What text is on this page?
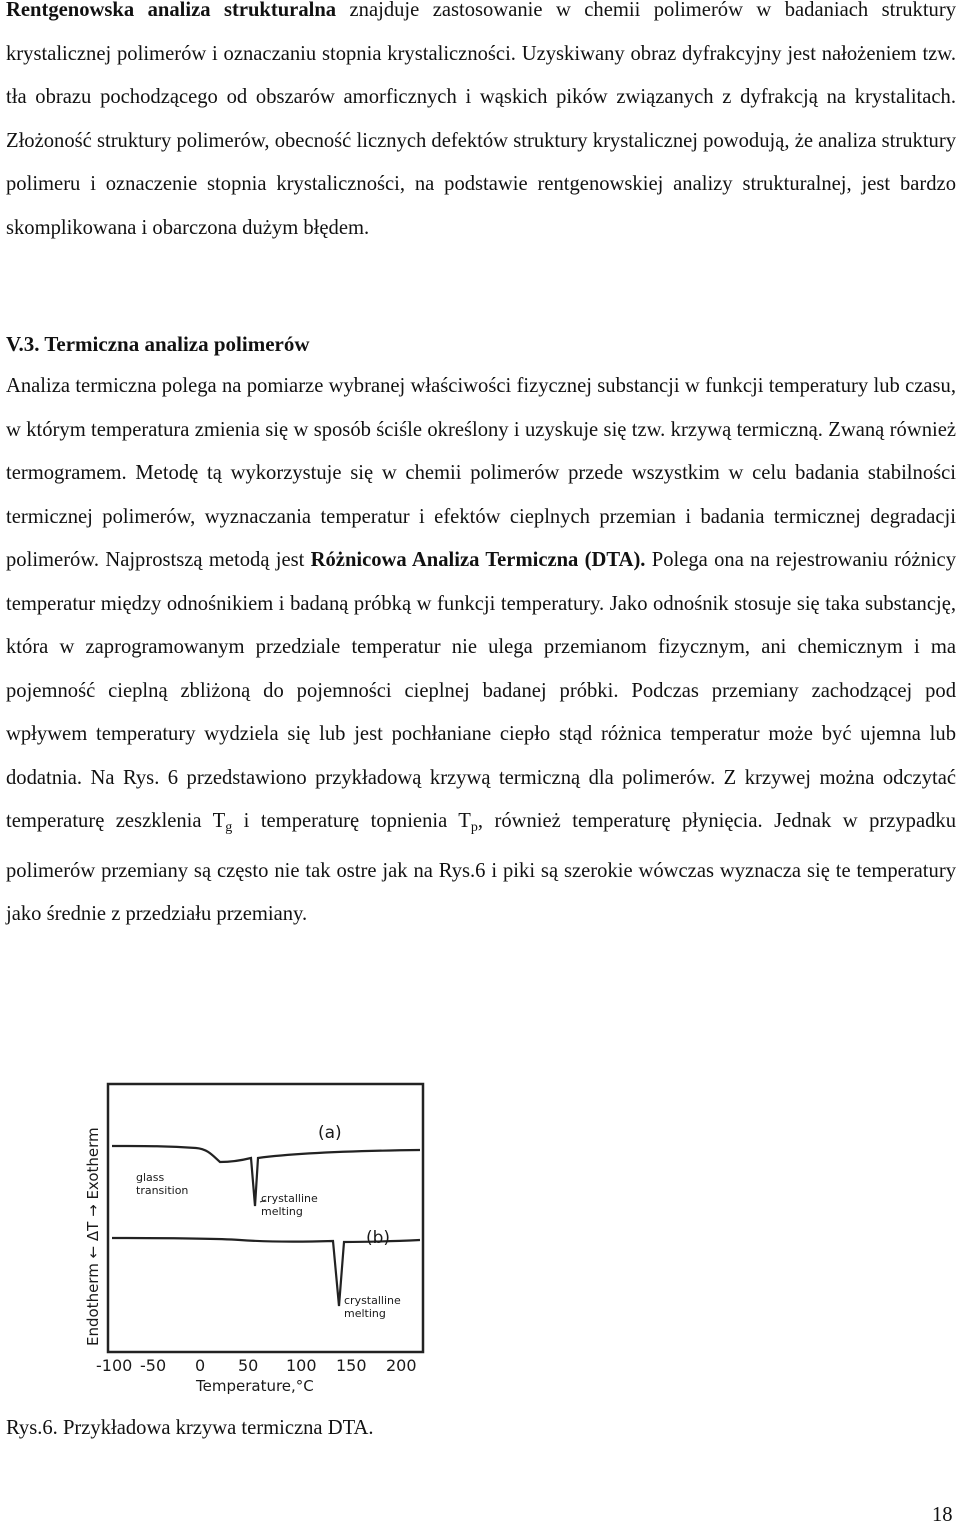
Rentgenowska analiza strukturalna znajduje zastosowanie w chemii polimerów w badaniach struktury krystalicznej polimerów i oznaczaniu stopnia krystaliczności. Uzyskiwany obraz dyfrakcyjny jest nałożeniem tzw. tła obrazu pochodzącego od obszarów amorficznych i wąskich pików związanych z dyfrakcją na krystalitach. Złożoność struktury polimerów, obecność licznych defektów struktury krystalicznej powodują, że analiza struktury polimeru i oznaczenie stopnia krystaliczności, na podstawie rentgenowskiej analizy strukturalnej, jest bardzo skomplikowana i obarczona dużym błędem.

V.3. Termiczna analiza polimerów

Analiza termiczna polega na pomiarze wybranej właściwości fizycznej substancji w funkcji temperatury lub czasu, w którym temperatura zmienia się w sposób ściśle określony i uzyskuje się tzw. krzywą termiczną. Zwaną również termogramem. Metodę tą wykorzystuje się w chemii polimerów przede wszystkim w celu badania stabilności termicznej polimerów, wyznaczania temperatur i efektów cieplnych przemian i badania termicznej degradacji polimerów. Najprostszą metodą jest Różnicowa Analiza Termiczna (DTA). Polega ona na rejestrowaniu różnicy temperatur między odnośnikiem i badaną próbką w funkcji temperatury. Jako odnośnik stosuje się taka substancję, która w zaprogramowanym przedziale temperatur nie ulega przemianom fizycznym, ani chemicznym i ma pojemność cieplną zbliżoną do pojemności cieplnej badanej próbki. Podczas przemiany zachodzącej pod wpływem temperatury wydziela się lub jest pochłaniane ciepło stąd różnica temperatur może być ujemna lub dodatnia. Na Rys. 6 przedstawiono przykładową krzywą termiczną dla polimerów. Z krzywej można odczytać temperaturę zeszklenia $T_g$ i temperaturę topnienia $T_p$, również temperaturę płynięcia. Jednak w przypadku polimerów przemiany są często nie tak ostre jak na Rys.6 i piki są szerokie wówczas wyznacza się te temperatury jako średnie z przedziału przemiany.

Endotherm ← ΔT → Exotherm	(a)
(b)
glass
transition
crystalline
melting
crystalline
melting
-100 -50 0 50 100 150 200
Temperature,°C

Rys.6. Przykładowa krzywa termiczna DTA.

18
